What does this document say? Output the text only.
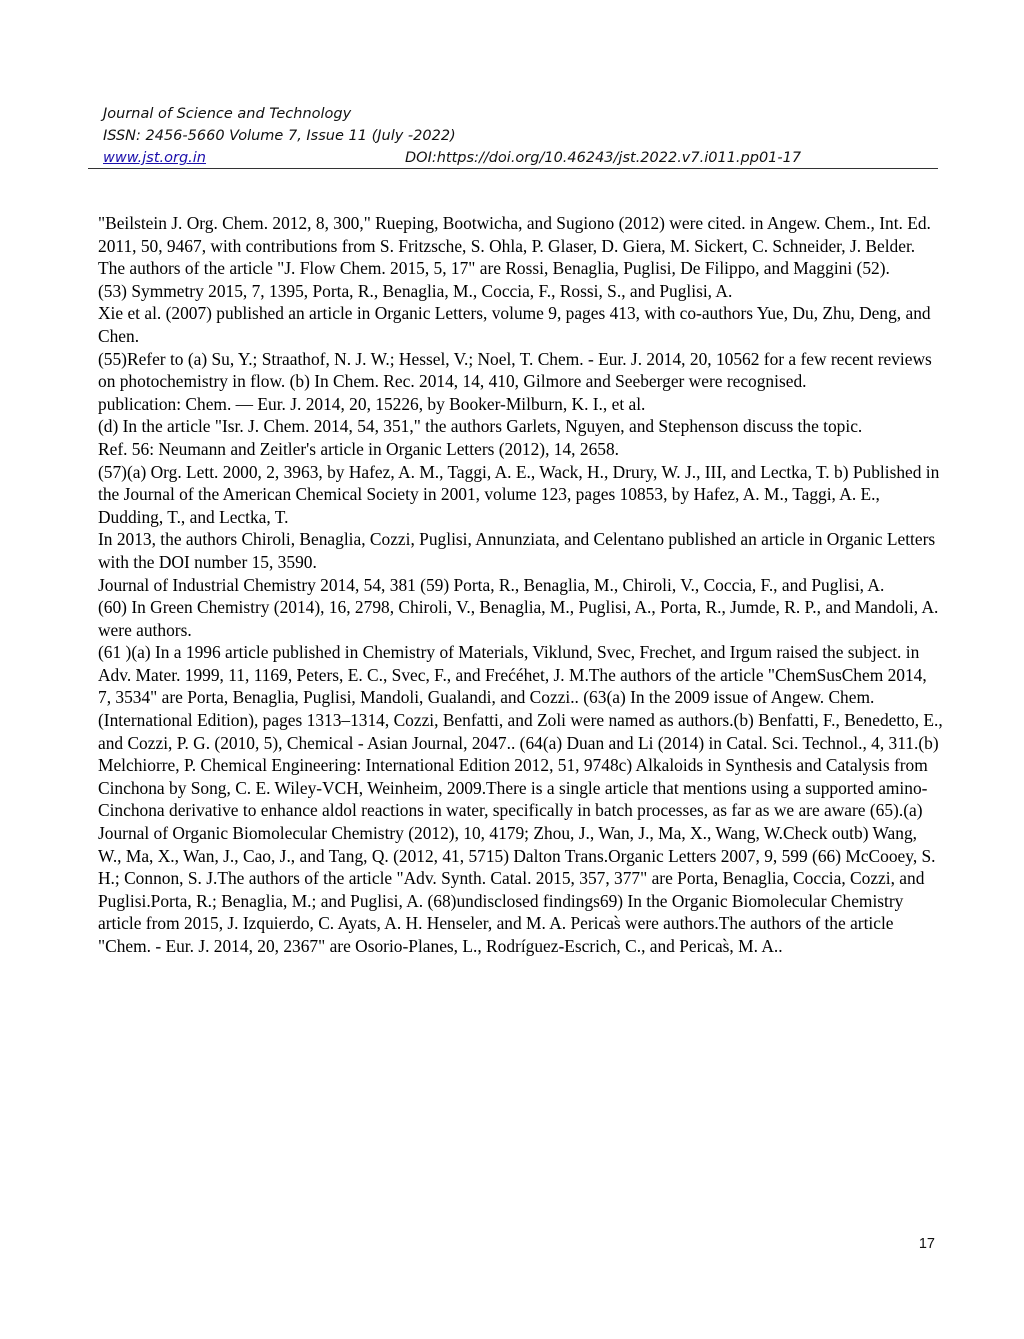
Journal of Science and Technology
ISSN: 2456-5660 Volume 7, Issue 11 (July -2022)
www.jst.org.in	DOI:https://doi.org/10.46243/jst.2022.v7.i011.pp01-17

"Beilstein J. Org. Chem. 2012, 8, 300," Rueping, Bootwicha, and Sugiono (2012) were cited. in Angew. Chem., Int. Ed. 2011, 50, 9467, with contributions from S. Fritzsche, S. Ohla, P. Glaser, D. Giera, M. Sickert, C. Schneider, J. Belder.

The authors of the article "J. Flow Chem. 2015, 5, 17" are Rossi, Benaglia, Puglisi, De Filippo, and Maggini (52).

(53) Symmetry 2015, 7, 1395, Porta, R., Benaglia, M., Coccia, F., Rossi, S., and Puglisi, A.

Xie et al. (2007) published an article in Organic Letters, volume 9, pages 413, with co-authors Yue, Du, Zhu, Deng, and Chen.

(55)Refer to (a) Su, Y.; Straathof, N. J. W.; Hessel, V.; Noel, T. Chem. - Eur. J. 2014, 20, 10562 for a few recent reviews on photochemistry in flow. (b) In Chem. Rec. 2014, 14, 410, Gilmore and Seeberger were recognised.

publication: Chem. — Eur. J. 2014, 20, 15226, by Booker-Milburn, K. I., et al.

(d) In the article "Isr. J. Chem. 2014, 54, 351," the authors Garlets, Nguyen, and Stephenson discuss the topic.

Ref. 56: Neumann and Zeitler's article in Organic Letters (2012), 14, 2658.

(57)(a) Org. Lett. 2000, 2, 3963, by Hafez, A. M., Taggi, A. E., Wack, H., Drury, W. J., III, and Lectka, T. b) Published in the Journal of the American Chemical Society in 2001, volume 123, pages 10853, by Hafez, A. M., Taggi, A. E., Dudding, T., and Lectka, T.

In 2013, the authors Chiroli, Benaglia, Cozzi, Puglisi, Annunziata, and Celentano published an article in Organic Letters with the DOI number 15, 3590.

Journal of Industrial Chemistry 2014, 54, 381 (59) Porta, R., Benaglia, M., Chiroli, V., Coccia, F., and Puglisi, A.

(60) In Green Chemistry (2014), 16, 2798, Chiroli, V., Benaglia, M., Puglisi, A., Porta, R., Jumde, R. P., and Mandoli, A. were authors.

(61 )(a) In a 1996 article published in Chemistry of Materials, Viklund, Svec, Frechet, and Irgum raised the subject. in Adv. Mater. 1999, 11, 1169, Peters, E. C., Svec, F., and Frećéhet, J. M.The authors of the article "ChemSusChem 2014, 7, 3534" are Porta, Benaglia, Puglisi, Mandoli, Gualandi, and Cozzi.. (63(a) In the 2009 issue of Angew. Chem. (International Edition), pages 1313–1314, Cozzi, Benfatti, and Zoli were named as authors.(b) Benfatti, F., Benedetto, E., and Cozzi, P. G. (2010, 5), Chemical - Asian Journal, 2047.. (64(a) Duan and Li (2014) in Catal. Sci. Technol., 4, 311.(b) Melchiorre, P. Chemical Engineering: International Edition 2012, 51, 9748c) Alkaloids in Synthesis and Catalysis from Cinchona by Song, C. E. Wiley-VCH, Weinheim, 2009.There is a single article that mentions using a supported amino-Cinchona derivative to enhance aldol reactions in water, specifically in batch processes, as far as we are aware (65).(a) Journal of Organic Biomolecular Chemistry (2012), 10, 4179; Zhou, J., Wan, J., Ma, X., Wang, W.Check outb) Wang, W., Ma, X., Wan, J., Cao, J., and Tang, Q. (2012, 41, 5715) Dalton Trans.Organic Letters 2007, 9, 599 (66) McCooey, S. H.; Connon, S. J.The authors of the article "Adv. Synth. Catal. 2015, 357, 377" are Porta, Benaglia, Coccia, Cozzi, and Puglisi.Porta, R.; Benaglia, M.; and Puglisi, A. (68)undisclosed findings69) In the Organic Biomolecular Chemistry article from 2015, J. Izquierdo, C. Ayats, A. H. Henseler, and M. A. Pericas̀ were authors.The authors of the article "Chem. - Eur. J. 2014, 20, 2367" are Osorio-Planes, L., Rodríguez-Escrich, C., and Pericas̀, M. A..

17
